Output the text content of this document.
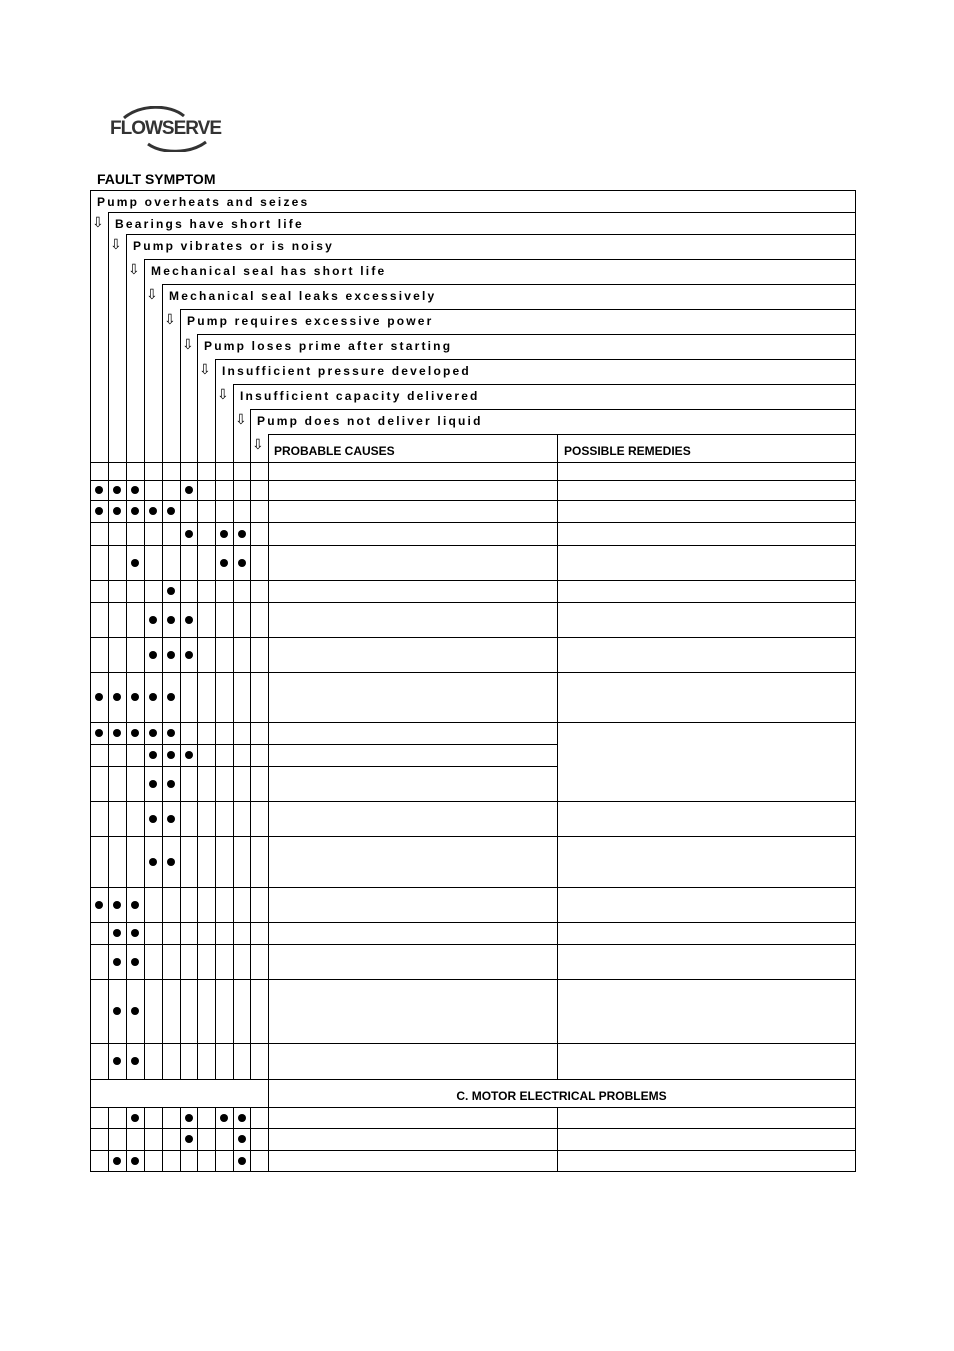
FLOWSERVE
FAULT SYMPTOM
Pump overheats and seizes
⇩ Bearings have short life
⇩ Pump vibrates or is noisy
⇩ Mechanical seal has short life
⇩ Mechanical seal leaks excessively
⇩ Pump requires excessive power
⇩ Pump loses prime after starting
⇩ Insufficient pressure developed
⇩ Insufficient capacity delivered
⇩ Pump does not deliver liquid
⇩ PROBABLE CAUSES	POSSIBLE REMEDIES
C. MOTOR ELECTRICAL PROBLEMS
